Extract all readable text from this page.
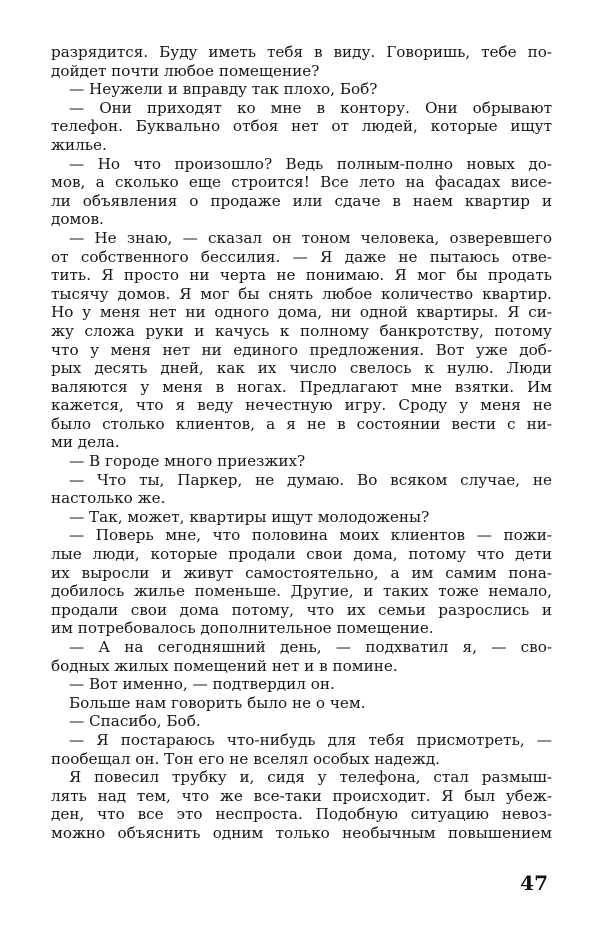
разрядится. Буду иметь тебя в виду. Говоришь, тебе по-
дойдет почти любое помещение?
— Неужели и вправду так плохо, Боб?
— Они приходят ко мне в контору. Они обрывают
телефон. Буквально отбоя нет от людей, которые ищут
жилье.
— Но что произошло? Ведь полным-полно новых до-
мов, а сколько еще строится! Все лето на фасадах висе-
ли объявления о продаже или сдаче в наем квартир и
домов.
— Не знаю, — сказал он тоном человека, озверевшего
от собственного бессилия. — Я даже не пытаюсь отве-
тить. Я просто ни черта не понимаю. Я мог бы продать
тысячу домов. Я мог бы снять любое количество квартир.
Но у меня нет ни одного дома, ни одной квартиры. Я си-
жу сложа руки и качусь к полному банкротству, потому
что у меня нет ни единого предложения. Вот уже доб-
рых десять дней, как их число свелось к нулю. Люди
валяются у меня в ногах. Предлагают мне взятки. Им
кажется, что я веду нечестную игру. Сроду у меня не
было столько клиентов, а я не в состоянии вести с ни-
ми дела.
— В городе много приезжих?
— Что ты, Паркер, не думаю. Во всяком случае, не
настолько же.
— Так, может, квартиры ищут молодожены?
— Поверь мне, что половина моих клиентов — пожи-
лые люди, которые продали свои дома, потому что дети
их выросли и живут самостоятельно, а им самим пона-
добилось жилье поменьше. Другие, и таких тоже немало,
продали свои дома потому, что их семьи разрослись и
им потребовалось дополнительное помещение.
— А на сегодняшний день, — подхватил я, — сво-
бодных жилых помещений нет и в помине.
— Вот именно, — подтвердил он.
Больше нам говорить было не о чем.
— Спасибо, Боб.
— Я постараюсь что-нибудь для тебя присмотреть, —
пообещал он. Тон его не вселял особых надежд.
Я повесил трубку и, сидя у телефона, стал размыш-
лять над тем, что же все-таки происходит. Я был убеж-
ден, что все это неспроста. Подобную ситуацию невоз-
можно объяснить одним только необычным повышением
47
